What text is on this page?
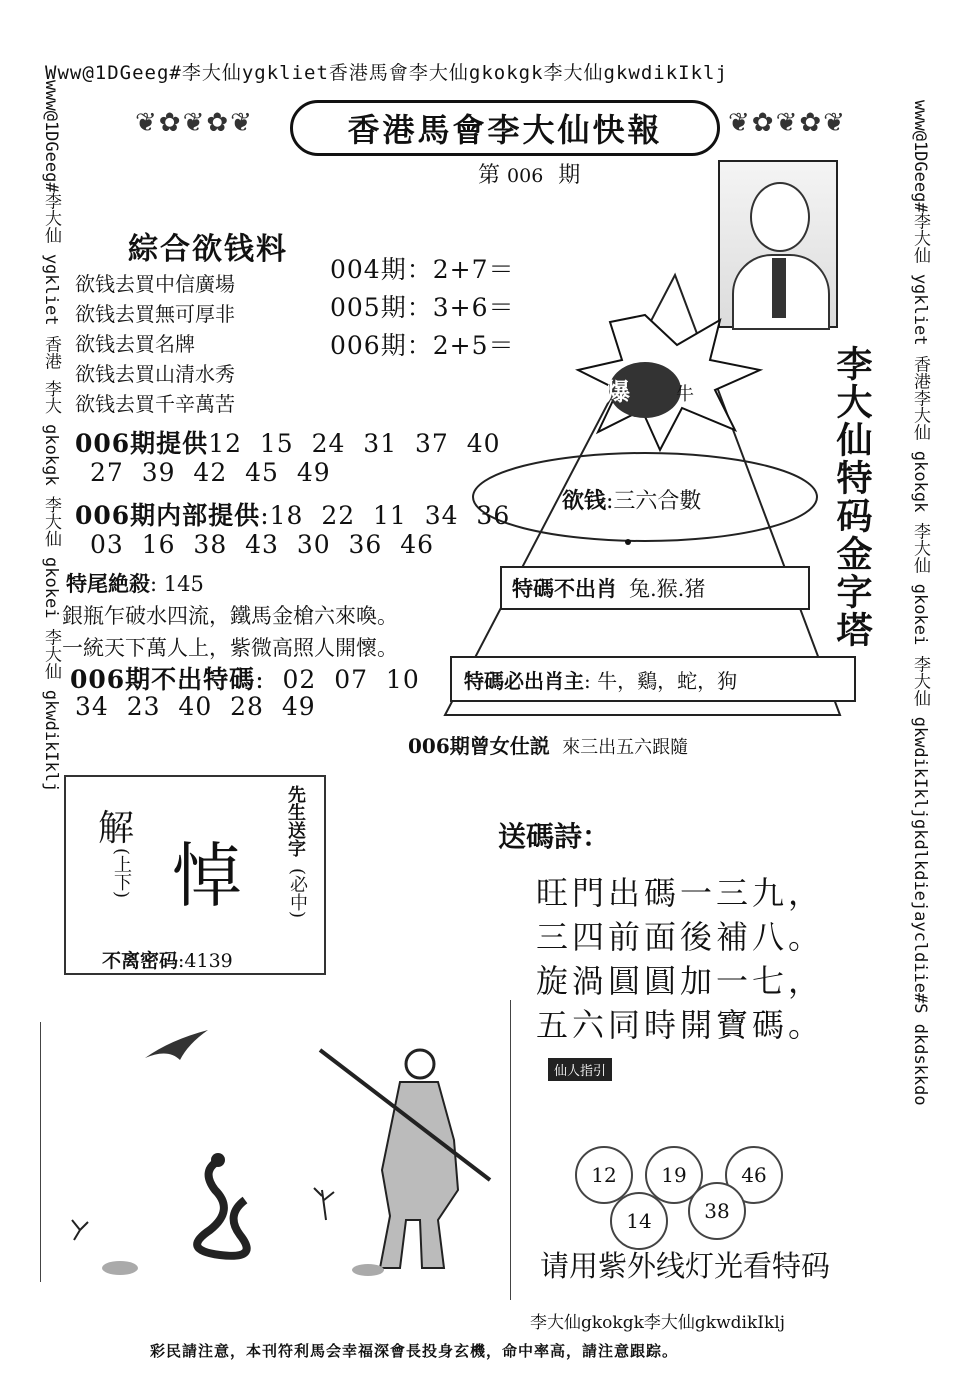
Www@1DGeeg#李大仙ygkliet香港馬會李大仙gkokgk李大仙gkwdikIklj
www@1DGeeg#李大仙 ygkliet 香港 李大 gkokgk 李大仙 gkokei 李大仙 gkwdikIklj	www@1DGeeg#李大仙 ygkliet 香港李大仙 gkokgk 李大仙 gkokei 李大仙 gkwdikIkljgkdlkdiejaycldiie#S dkdskkdo
❦✿❦✿❦	香港馬會李大仙快報	❦✿❦✿❦
第 006 期
綜合欲钱料
欲钱去買中信廣場
欲钱去買無可厚非
欲钱去買名牌
欲钱去買山清水秀
欲钱去買千辛萬苦
004期：2+7＝
005期：3+6＝
006期：2+5＝
爆	牛	李大仙特码金字塔
欲钱:三六合數
特碼不出肖 兔.猴.猪
特碼必出肖主 : 牛，鷄，蛇，狗
006期提供12  15  24  31  37  40
27  39  42  45  49
006期内部提供:18  22  11  34  36
03  16  38  43  30  36  46
特尾絶殺: 145
銀瓶乍破水四流，鐵馬金槍六來喚。
一統天下萬人上，紫微高照人開懷。
006期不出特碼:  02  07  10
34  23  40  28  49
006期曾女仕説 來三出五六跟隨
解
(上下) 悼
先生送字
(必中)
不离密码:4139
送碼詩：
旺門出碼一三九，
三四前面後補八。
旋渦圓圓加一七，
五六同時開寶碼。
仙人指引
12	19	46
14	38
请用紫外线灯光看特码
李大仙gkokgk李大仙gkwdikIklj
彩民請注意，本刊符利馬会幸福深會長投身玄機，命中率高，請注意跟踪。
